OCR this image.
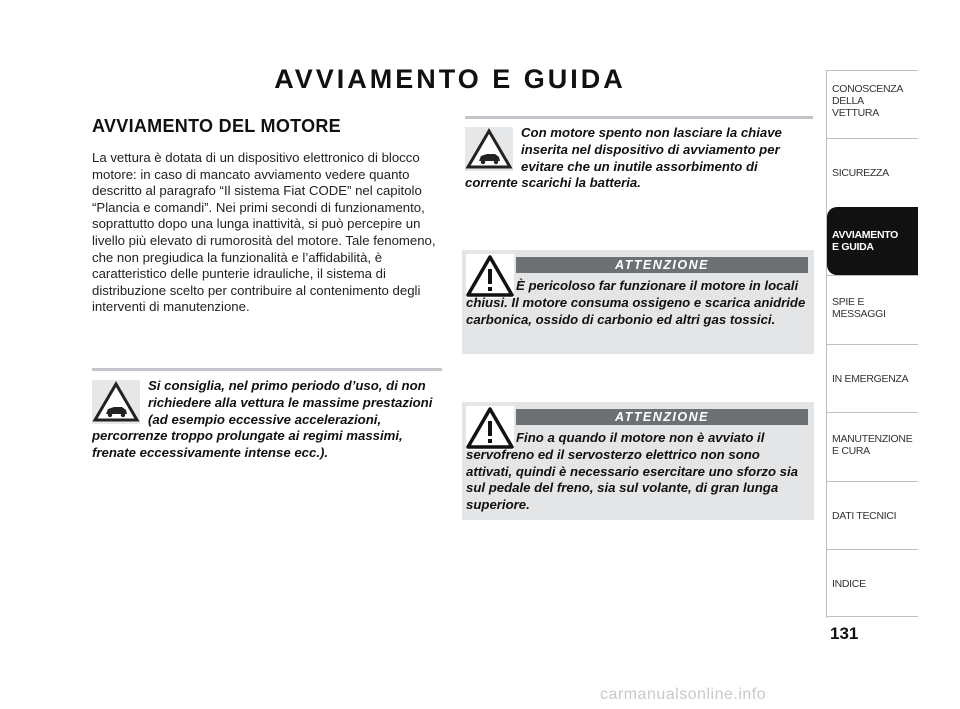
AVVIAMENTO E GUIDA
AVVIAMENTO DEL MOTORE
La vettura è dotata di un dispositivo elettronico di blocco motore: in caso di mancato avviamento vedere quanto descritto al paragrafo “Il sistema Fiat CODE” nel capitolo “Plancia e comandi”. Nei primi secondi di funzionamento, soprattutto dopo una lunga inattività, si può percepire un livello più elevato di rumorosità del motore. Tale fenomeno, che non pregiudica la funzionalità e l’affidabilità, è caratteristico delle punterie idrauliche, il sistema di distribuzione scelto per contribuire al contenimento degli interventi di manutenzione.
Si consiglia, nel primo periodo d’uso, di non richiedere alla vettura le massime prestazioni (ad esempio eccessive accelerazioni, percorrenze troppo prolungate ai regimi massimi, frenate eccessivamente intense ecc.).
Con motore spento non lasciare la chiave inserita nel dispositivo di avviamento per evitare che un inutile assorbimento di corrente scarichi la batteria.
ATTENZIONE
È pericoloso far funzionare il motore in locali chiusi. Il motore consuma ossigeno e scarica anidride carbonica, ossido di carbonio ed altri gas tossici.
ATTENZIONE
Fino a quando il motore non è avviato il servofreno ed il servosterzo elettrico non sono attivati, quindi è necessario esercitare uno sforzo sia sul pedale del freno, sia sul volante, di gran lunga superiore.
CONOSCENZA
DELLA
VETTURA
SICUREZZA
AVVIAMENTO
E GUIDA
SPIE E
MESSAGGI
IN EMERGENZA
MANUTENZIONE
E CURA
DATI TECNICI
INDICE
131
carmanualsonline.info
